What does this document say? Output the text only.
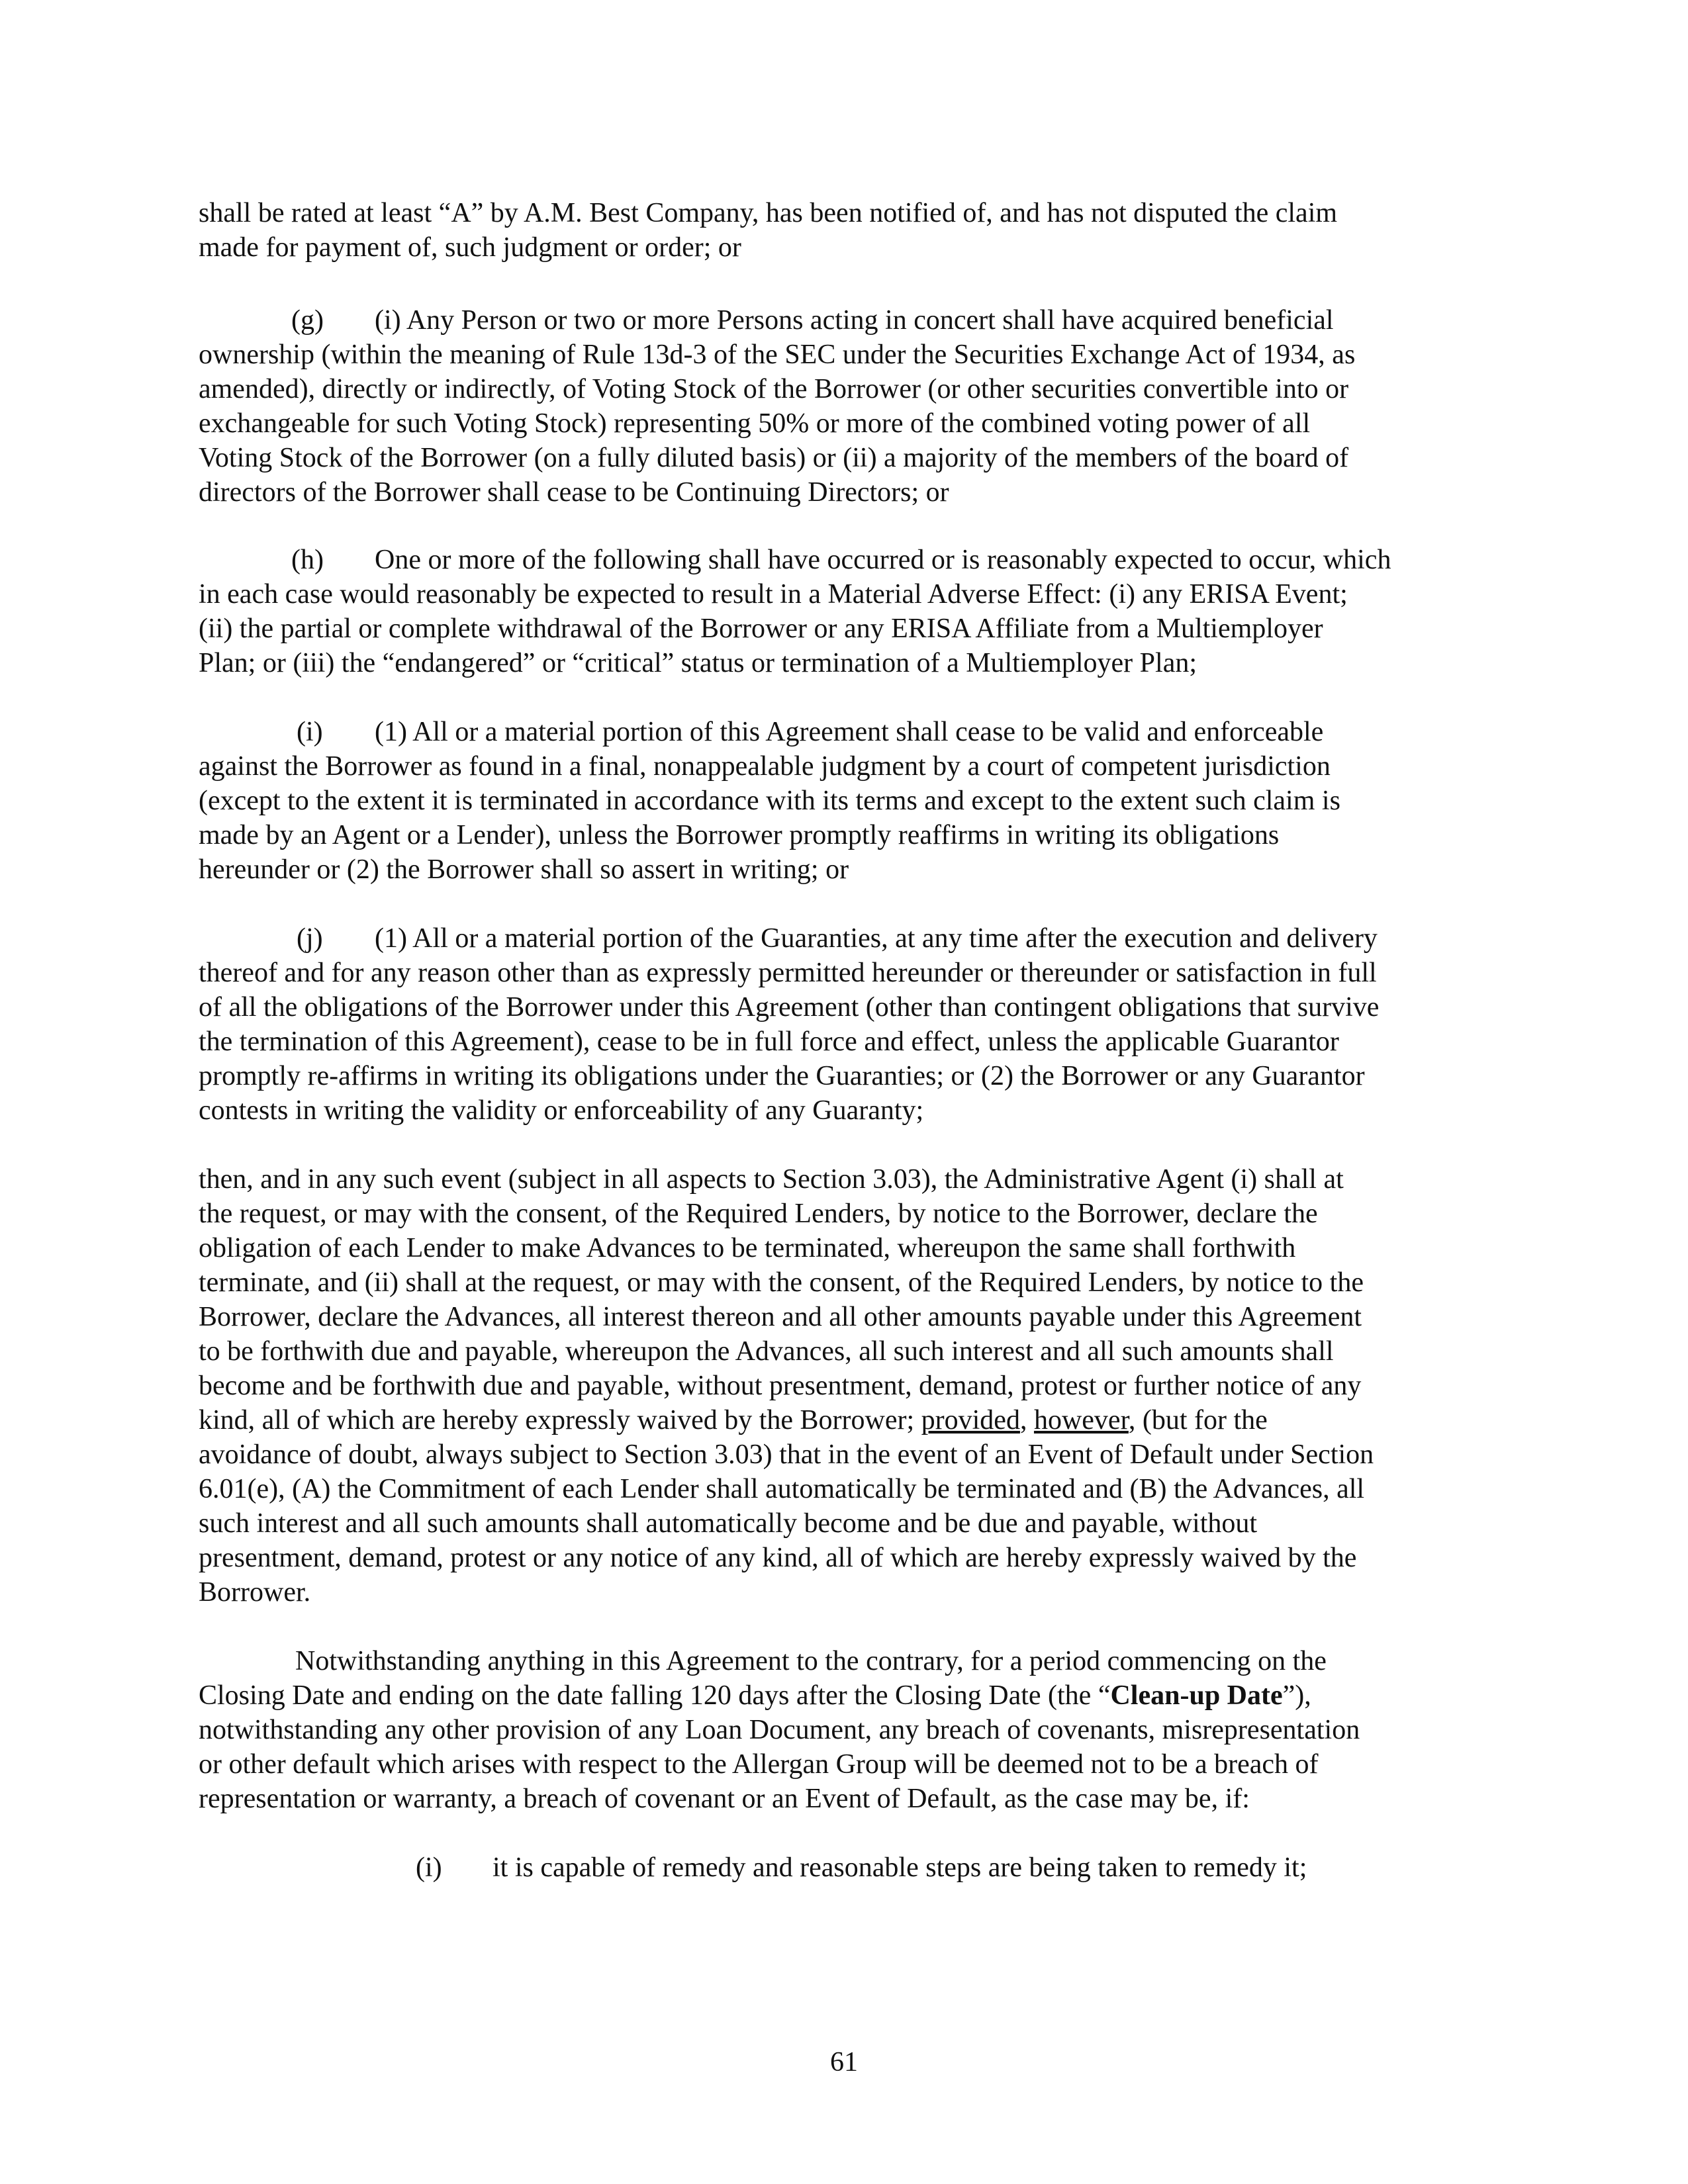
shall be rated at least “A” by A.M. Best Company, has been notified of, and has not disputed the claim

made for payment of, such judgment or order; or

(g) (i) Any Person or two or more Persons acting in concert shall have acquired beneficial

ownership (within the meaning of Rule 13d-3 of the SEC under the Securities Exchange Act of 1934, as

amended), directly or indirectly, of Voting Stock of the Borrower (or other securities convertible into or

exchangeable for such Voting Stock) representing 50% or more of the combined voting power of all

Voting Stock of the Borrower (on a fully diluted basis) or (ii) a majority of the members of the board of

directors of the Borrower shall cease to be Continuing Directors; or

(h) One or more of the following shall have occurred or is reasonably expected to occur, which

in each case would reasonably be expected to result in a Material Adverse Effect: (i) any ERISA Event;

(ii) the partial or complete withdrawal of the Borrower or any ERISA Affiliate from a Multiemployer

Plan; or (iii) the “endangered” or “critical” status or termination of a Multiemployer Plan;

(i) (1) All or a material portion of this Agreement shall cease to be valid and enforceable

against the Borrower as found in a final, nonappealable judgment by a court of competent jurisdiction

(except to the extent it is terminated in accordance with its terms and except to the extent such claim is

made by an Agent or a Lender), unless the Borrower promptly reaffirms in writing its obligations

hereunder or (2) the Borrower shall so assert in writing; or

(j) (1) All or a material portion of the Guaranties, at any time after the execution and delivery

thereof and for any reason other than as expressly permitted hereunder or thereunder or satisfaction in full

of all the obligations of the Borrower under this Agreement (other than contingent obligations that survive

the termination of this Agreement), cease to be in full force and effect, unless the applicable Guarantor

promptly re-affirms in writing its obligations under the Guaranties; or (2) the Borrower or any Guarantor

contests in writing the validity or enforceability of any Guaranty;

then, and in any such event (subject in all aspects to Section 3.03), the Administrative Agent (i) shall at

the request, or may with the consent, of the Required Lenders, by notice to the Borrower, declare the

obligation of each Lender to make Advances to be terminated, whereupon the same shall forthwith

terminate, and (ii) shall at the request, or may with the consent, of the Required Lenders, by notice to the

Borrower, declare the Advances, all interest thereon and all other amounts payable under this Agreement

to be forthwith due and payable, whereupon the Advances, all such interest and all such amounts shall

become and be forthwith due and payable, without presentment, demand, protest or further notice of any

kind, all of which are hereby expressly waived by the Borrower; provided, however, (but for the

avoidance of doubt, always subject to Section 3.03) that in the event of an Event of Default under Section

6.01(e), (A) the Commitment of each Lender shall automatically be terminated and (B) the Advances, all

such interest and all such amounts shall automatically become and be due and payable, without

presentment, demand, protest or any notice of any kind, all of which are hereby expressly waived by the

Borrower.

Notwithstanding anything in this Agreement to the contrary, for a period commencing on the

Closing Date and ending on the date falling 120 days after the Closing Date (the “Clean-up Date”),

notwithstanding any other provision of any Loan Document, any breach of covenants, misrepresentation

or other default which arises with respect to the Allergan Group will be deemed not to be a breach of

representation or warranty, a breach of covenant or an Event of Default, as the case may be, if:

(i) it is capable of remedy and reasonable steps are being taken to remedy it;
61
